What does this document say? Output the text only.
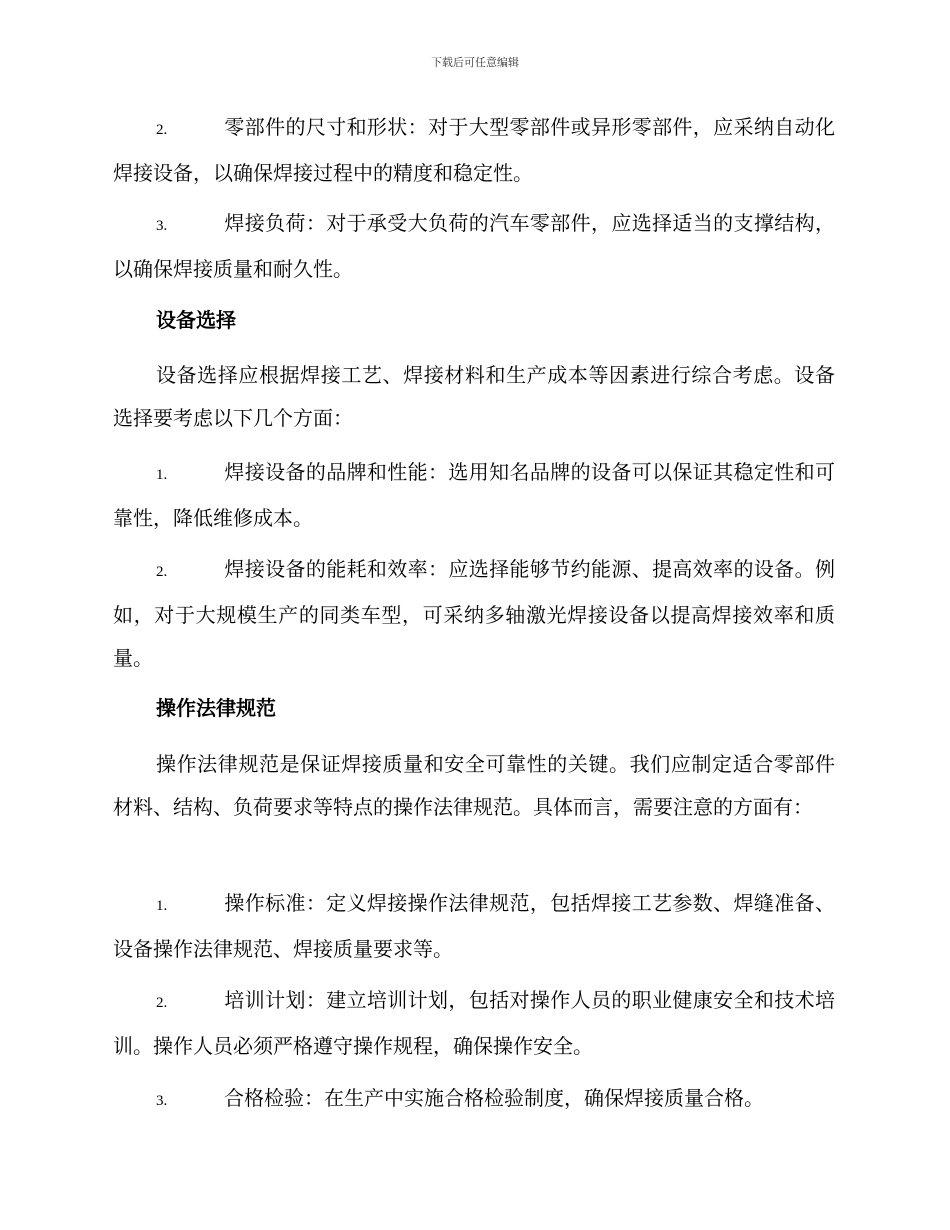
下载后可任意编辑

2.	零部件的尺寸和形状：对于大型零部件或异形零部件，应采纳自动化焊接设备，以确保焊接过程中的精度和稳定性。

3.	焊接负荷：对于承受大负荷的汽车零部件，应选择适当的支撑结构，以确保焊接质量和耐久性。

设备选择

设备选择应根据焊接工艺、焊接材料和生产成本等因素进行综合考虑。设备选择要考虑以下几个方面：

1.	焊接设备的品牌和性能：选用知名品牌的设备可以保证其稳定性和可靠性，降低维修成本。

2.	焊接设备的能耗和效率：应选择能够节约能源、提高效率的设备。例如，对于大规模生产的同类车型，可采纳多轴激光焊接设备以提高焊接效率和质量。

操作法律规范

操作法律规范是保证焊接质量和安全可靠性的关键。我们应制定适合零部件材料、结构、负荷要求等特点的操作法律规范。具体而言，需要注意的方面有：

1.	操作标准：定义焊接操作法律规范，包括焊接工艺参数、焊缝准备、设备操作法律规范、焊接质量要求等。

2.	培训计划：建立培训计划，包括对操作人员的职业健康安全和技术培训。操作人员必须严格遵守操作规程，确保操作安全。

3.	合格检验：在生产中实施合格检验制度，确保焊接质量合格。
